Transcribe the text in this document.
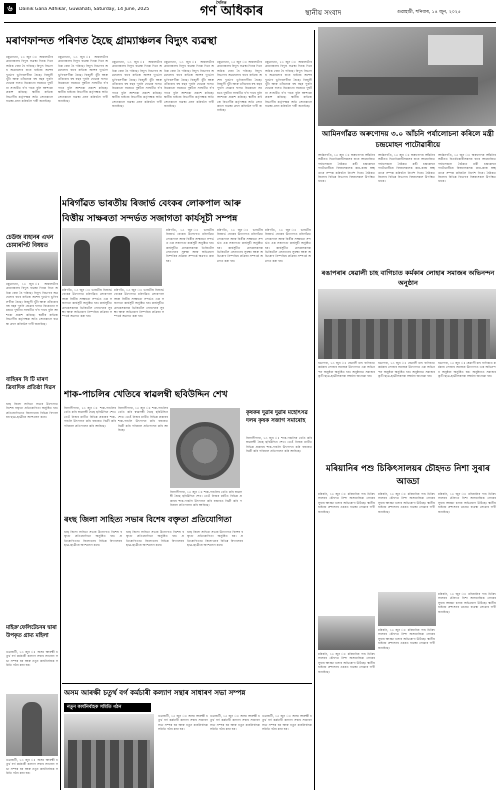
৬	Dainik Gana Adhikar, Guwahati, Saturday, 14 June, 2025
দৈনিক
গণ অধিকাৰ	স্থানীয় সংবাদ	গুৱাহাটী, শনিবাৰ, ১৪ জুন, ২০২৫
মৰাণফান্দত পৰিণত হৈছে গ্ৰাম্যাঞ্চলৰ বিদ্যুৎ ব্যৱস্থা
ঢকুৱাখনা, ১৩ জুন ঃ অঞ্চলটোৰ গ্ৰাম্যাঞ্চলৰ বিদ্যুৎ ব্যৱস্থা দিনক দিনে অধিক বেয়া হৈ পৰিছে। বিদ্যুৎ বিভাগৰ অৱহেলাৰ বাবে ৰাইজে অশেষ দুৰ্ভোগ ভুগিবলগীয়া হৈছে। বিজুলী খুঁটা আৰু তাঁৰবোৰ বহু বছৰ পুৰণি হোৱাৰ ফলত যিকোনো সময়তে দুৰ্ঘটনা সংঘটিত হ'ব পাৰে বুলি আশংকা প্ৰকাশ কৰিছে। স্থানীয় ৰাইজে বিভাগীয় কৰ্তৃপক্ষক অতি সোনকালে ব্যৱস্থা গ্ৰহণ কৰিবলৈ দাবী জনাইছে।
ঢকুৱাখনা, ১৩ জুন ঃ অঞ্চলটোৰ গ্ৰাম্যাঞ্চলৰ বিদ্যুৎ ব্যৱস্থা দিনক দিনে অধিক বেয়া হৈ পৰিছে। বিদ্যুৎ বিভাগৰ অৱহেলাৰ বাবে ৰাইজে অশেষ দুৰ্ভোগ ভুগিবলগীয়া হৈছে। বিজুলী খুঁটা আৰু তাঁৰবোৰ বহু বছৰ পুৰণি হোৱাৰ ফলত যিকোনো সময়তে দুৰ্ঘটনা সংঘটিত হ'ব পাৰে বুলি আশংকা প্ৰকাশ কৰিছে। স্থানীয় ৰাইজে বিভাগীয় কৰ্তৃপক্ষক অতি সোনকালে ব্যৱস্থা গ্ৰহণ কৰিবলৈ দাবী জনাইছে।
ঢকুৱাখনা, ১৩ জুন ঃ অঞ্চলটোৰ গ্ৰাম্যাঞ্চলৰ বিদ্যুৎ ব্যৱস্থা দিনক দিনে অধিক বেয়া হৈ পৰিছে। বিদ্যুৎ বিভাগৰ অৱহেলাৰ বাবে ৰাইজে অশেষ দুৰ্ভোগ ভুগিবলগীয়া হৈছে। বিজুলী খুঁটা আৰু তাঁৰবোৰ বহু বছৰ পুৰণি হোৱাৰ ফলত যিকোনো সময়তে দুৰ্ঘটনা সংঘটিত হ'ব পাৰে বুলি আশংকা প্ৰকাশ কৰিছে। স্থানীয় ৰাইজে বিভাগীয় কৰ্তৃপক্ষক অতি সোনকালে ব্যৱস্থা গ্ৰহণ কৰিবলৈ দাবী জনাইছে।
ঢকুৱাখনা, ১৩ জুন ঃ অঞ্চলটোৰ গ্ৰাম্যাঞ্চলৰ বিদ্যুৎ ব্যৱস্থা দিনক দিনে অধিক বেয়া হৈ পৰিছে। বিদ্যুৎ বিভাগৰ অৱহেলাৰ বাবে ৰাইজে অশেষ দুৰ্ভোগ ভুগিবলগীয়া হৈছে। বিজুলী খুঁটা আৰু তাঁৰবোৰ বহু বছৰ পুৰণি হোৱাৰ ফলত যিকোনো সময়তে দুৰ্ঘটনা সংঘটিত হ'ব পাৰে বুলি আশংকা প্ৰকাশ কৰিছে। স্থানীয় ৰাইজে বিভাগীয় কৰ্তৃপক্ষক অতি সোনকালে ব্যৱস্থা গ্ৰহণ কৰিবলৈ দাবী জনাইছে।
ঢকুৱাখনা, ১৩ জুন ঃ অঞ্চলটোৰ গ্ৰাম্যাঞ্চলৰ বিদ্যুৎ ব্যৱস্থা দিনক দিনে অধিক বেয়া হৈ পৰিছে। বিদ্যুৎ বিভাগৰ অৱহেলাৰ বাবে ৰাইজে অশেষ দুৰ্ভোগ ভুগিবলগীয়া হৈছে। বিজুলী খুঁটা আৰু তাঁৰবোৰ বহু বছৰ পুৰণি হোৱাৰ ফলত যিকোনো সময়তে দুৰ্ঘটনা সংঘটিত হ'ব পাৰে বুলি আশংকা প্ৰকাশ কৰিছে। স্থানীয় ৰাইজে বিভাগীয় কৰ্তৃপক্ষক অতি সোনকালে ব্যৱস্থা গ্ৰহণ কৰিবলৈ দাবী জনাইছে।
ঢকুৱাখনা, ১৩ জুন ঃ অঞ্চলটোৰ গ্ৰাম্যাঞ্চলৰ বিদ্যুৎ ব্যৱস্থা দিনক দিনে অধিক বেয়া হৈ পৰিছে। বিদ্যুৎ বিভাগৰ অৱহেলাৰ বাবে ৰাইজে অশেষ দুৰ্ভোগ ভুগিবলগীয়া হৈছে। বিজুলী খুঁটা আৰু তাঁৰবোৰ বহু বছৰ পুৰণি হোৱাৰ ফলত যিকোনো সময়তে দুৰ্ঘটনা সংঘটিত হ'ব পাৰে বুলি আশংকা প্ৰকাশ কৰিছে। স্থানীয় ৰাইজে বিভাগীয় কৰ্তৃপক্ষক অতি সোনকালে ব্যৱস্থা গ্ৰহণ কৰিবলৈ দাবী জনাইছে।
আমিনগাঁৱত অৰুণোদয় ৩.০ আঁচনি পৰ্যালোচনা কৰিলে মন্ত্ৰী চন্দ্ৰমোহন পাটোৱাৰীয়ে
আমিনগাঁও, ১৩ জুন ঃ অৰুণোদয় আঁচনিৰ অধীনত হিতাধিকাৰীসকলৰ বাবে আয়োজিত পৰ্যালোচনা বৈঠকত মন্ত্ৰী চন্দ্ৰমোহন পাটোৱাৰীয়ে বিষয়াসকলক কাম-কাজ স্বচ্ছতাৰে সম্পন্ন কৰিবলৈ নিৰ্দেশ দিয়ে। বৈঠকত জিলাৰ বিভিন্ন বিভাগৰ বিষয়াসকল উপস্থিত থাকে।
আমিনগাঁও, ১৩ জুন ঃ অৰুণোদয় আঁচনিৰ অধীনত হিতাধিকাৰীসকলৰ বাবে আয়োজিত পৰ্যালোচনা বৈঠকত মন্ত্ৰী চন্দ্ৰমোহন পাটোৱাৰীয়ে বিষয়াসকলক কাম-কাজ স্বচ্ছতাৰে সম্পন্ন কৰিবলৈ নিৰ্দেশ দিয়ে। বৈঠকত জিলাৰ বিভিন্ন বিভাগৰ বিষয়াসকল উপস্থিত থাকে।
আমিনগাঁও, ১৩ জুন ঃ অৰুণোদয় আঁচনিৰ অধীনত হিতাধিকাৰীসকলৰ বাবে আয়োজিত পৰ্যালোচনা বৈঠকত মন্ত্ৰী চন্দ্ৰমোহন পাটোৱাৰীয়ে বিষয়াসকলক কাম-কাজ স্বচ্ছতাৰে সম্পন্ন কৰিবলৈ নিৰ্দেশ দিয়ে। বৈঠকত জিলাৰ বিভিন্ন বিভাগৰ বিষয়াসকল উপস্থিত থাকে।
মৰিগাঁৱত ভাৰতীয় ৰিজাৰ্ভ বেংকৰ লোকপাল আৰু
বিত্তীয় সাক্ষৰতা সন্দৰ্ভত সজাগতা কাৰ্যসূচী সম্পন্ন
মৰিগাঁও, ১৩ জুন ঃ ভাৰতীয় ৰিজাৰ্ভ বেংকৰ উদ্যোগত মৰিগাঁৱত লোকপাল আৰু বিত্তীয় সাক্ষৰতা সন্দৰ্ভত এক সজাগতা কাৰ্যসূচী অনুষ্ঠিত হয়। কাৰ্যসূচীত গ্ৰাহকসকলক ডিজিটেল লেনদেনৰ সুৰক্ষা আৰু অভিযোগ নিষ্পত্তিৰ প্ৰক্ৰিয়া সম্পৰ্কে অৱগত কৰা হয়।
মৰিগাঁও, ১৩ জুন ঃ ভাৰতীয় ৰিজাৰ্ভ বেংকৰ উদ্যোগত মৰিগাঁৱত লোকপাল আৰু বিত্তীয় সাক্ষৰতা সন্দৰ্ভত এক সজাগতা কাৰ্যসূচী অনুষ্ঠিত হয়। কাৰ্যসূচীত গ্ৰাহকসকলক ডিজিটেল লেনদেনৰ সুৰক্ষা আৰু অভিযোগ নিষ্পত্তিৰ প্ৰক্ৰিয়া সম্পৰ্কে অৱগত কৰা হয়।
মৰিগাঁও, ১৩ জুন ঃ ভাৰতীয় ৰিজাৰ্ভ বেংকৰ উদ্যোগত মৰিগাঁৱত লোকপাল আৰু বিত্তীয় সাক্ষৰতা সন্দৰ্ভত এক সজাগতা কাৰ্যসূচী অনুষ্ঠিত হয়। কাৰ্যসূচীত গ্ৰাহকসকলক ডিজিটেল লেনদেনৰ সুৰক্ষা আৰু অভিযোগ নিষ্পত্তিৰ প্ৰক্ৰিয়া সম্পৰ্কে অৱগত কৰা হয়।
মৰিগাঁও, ১৩ জুন ঃ ভাৰতীয় ৰিজাৰ্ভ বেংকৰ উদ্যোগত মৰিগাঁৱত লোকপাল আৰু বিত্তীয় সাক্ষৰতা সন্দৰ্ভত এক সজাগতা কাৰ্যসূচী অনুষ্ঠিত হয়। কাৰ্যসূচীত গ্ৰাহকসকলক ডিজিটেল লেনদেনৰ সুৰক্ষা আৰু অভিযোগ নিষ্পত্তিৰ প্ৰক্ৰিয়া সম্পৰ্কে অৱগত কৰা হয়।
মৰিগাঁও, ১৩ জুন ঃ ভাৰতীয় ৰিজাৰ্ভ বেংকৰ উদ্যোগত মৰিগাঁৱত লোকপাল আৰু বিত্তীয় সাক্ষৰতা সন্দৰ্ভত এক সজাগতা কাৰ্যসূচী অনুষ্ঠিত হয়। কাৰ্যসূচীত গ্ৰাহকসকলক ডিজিটেল লেনদেনৰ সুৰক্ষা আৰু অভিযোগ নিষ্পত্তিৰ প্ৰক্ৰিয়া সম্পৰ্কে অৱগত কৰা হয়।
চেউজ বাহানৰ এখন চোমাৰপিট বিষয়ত
ঢকুৱাখনা, ১৩ জুন ঃ অঞ্চলটোৰ গ্ৰাম্যাঞ্চলৰ বিদ্যুৎ ব্যৱস্থা দিনক দিনে অধিক বেয়া হৈ পৰিছে। বিদ্যুৎ বিভাগৰ অৱহেলাৰ বাবে ৰাইজে অশেষ দুৰ্ভোগ ভুগিবলগীয়া হৈছে। বিজুলী খুঁটা আৰু তাঁৰবোৰ বহু বছৰ পুৰণি হোৱাৰ ফলত যিকোনো সময়তে দুৰ্ঘটনা সংঘটিত হ'ব পাৰে বুলি আশংকা প্ৰকাশ কৰিছে। স্থানীয় ৰাইজে বিভাগীয় কৰ্তৃপক্ষক অতি সোনকালে ব্যৱস্থা গ্ৰহণ কৰিবলৈ দাবী জনাইছে।
বাহিৰৰ বি টি মাৰণ ত্ৰিবাদিক প্ৰতিষ্ঠা দিৱস
ৰংছ জিলা সাহিত্য সভাৰ উদ্যোগত বিশেষ বক্তৃতা প্ৰতিযোগিতা অনুষ্ঠিত হয়। প্ৰতিযোগিতাত জিলাখনৰ বিভিন্ন বিদ্যালয়ৰ ছাত্ৰ-ছাত্ৰীয়ে অংশগ্ৰহণ কৰে।
মাইক্ৰ'ফেলিটেচনৰ দ্বাৰা উপকৃত গ্ৰাম্য মহিলা
গুৱাহাটী, ১৩ জুন ঃ অসম আৰক্ষী চতুৰ্থ বৰ্গ কৰ্মচাৰী কল্যাণ সন্থাৰ সাধাৰণ সভা সম্পন্ন হয় আৰু নতুন কাৰ্যনিৰ্বাহক সমিতি গঠন কৰা হয়।
গুৱাহাটী, ১৩ জুন ঃ অসম আৰক্ষী চতুৰ্থ বৰ্গ কৰ্মচাৰী কল্যাণ সন্থাৰ সাধাৰণ সভা সম্পন্ন হয় আৰু নতুন কাৰ্যনিৰ্বাহক সমিতি গঠন কৰা হয়।
ৰঙাপৰাৰ ষেৱালী চাহ বাগিচাত কৰ্মকাৰ লোহাৰ সমাজৰ অভিনন্দন অনুষ্ঠান
ৰঙাপৰা, ১৩ জুন ঃ ষেৱালী চাহ বাগিচাত কৰ্মকাৰ লোহাৰ সমাজৰ উদ্যোগত এক অভিনন্দন অনুষ্ঠান অনুষ্ঠিত হয়। অনুষ্ঠানত সমাজৰ কৃতী ছাত্ৰ-ছাত্ৰীসকলক সম্বৰ্ধনা জনোৱা হয়।
ৰঙাপৰা, ১৩ জুন ঃ ষেৱালী চাহ বাগিচাত কৰ্মকাৰ লোহাৰ সমাজৰ উদ্যোগত এক অভিনন্দন অনুষ্ঠান অনুষ্ঠিত হয়। অনুষ্ঠানত সমাজৰ কৃতী ছাত্ৰ-ছাত্ৰীসকলক সম্বৰ্ধনা জনোৱা হয়।
ৰঙাপৰা, ১৩ জুন ঃ ষেৱালী চাহ বাগিচাত কৰ্মকাৰ লোহাৰ সমাজৰ উদ্যোগত এক অভিনন্দন অনুষ্ঠান অনুষ্ঠিত হয়। অনুষ্ঠানত সমাজৰ কৃতী ছাত্ৰ-ছাত্ৰীসকলক সম্বৰ্ধনা জনোৱা হয়।
শাক-পাচলিৰ খেতিৰে স্বাৱলম্বী ছবিউদ্দিন শেখ
বিলাসীপাৰা, ১৩ জুন ঃ শাক-পাচলিৰ খেতি কৰি স্বাৱলম্বী হৈছে ছবিউদ্দিন শেখ। তেওঁ নিজৰ মাটিত বিভিন্ন প্ৰকাৰৰ শাক-পাচলি উৎপাদন কৰি বজাৰত বিক্ৰী কৰি পৰিয়াল প্ৰতিপালন কৰি আহিছে।
বিলাসীপাৰা, ১৩ জুন ঃ শাক-পাচলিৰ খেতি কৰি স্বাৱলম্বী হৈছে ছবিউদ্দিন শেখ। তেওঁ নিজৰ মাটিত বিভিন্ন প্ৰকাৰৰ শাক-পাচলি উৎপাদন কৰি বজাৰত বিক্ৰী কৰি পৰিয়াল প্ৰতিপালন কৰি আহিছে।
কৃষকৰ দুৱাৰ দুৱাৰ মহোৎসৱ দলৰ কৃষক সজাগ সমাৰোহ
বিলাসীপাৰা, ১৩ জুন ঃ শাক-পাচলিৰ খেতি কৰি স্বাৱলম্বী হৈছে ছবিউদ্দিন শেখ। তেওঁ নিজৰ মাটিত বিভিন্ন প্ৰকাৰৰ শাক-পাচলি উৎপাদন কৰি বজাৰত বিক্ৰী কৰি পৰিয়াল প্ৰতিপালন কৰি আহিছে।
বিলাসীপাৰা, ১৩ জুন ঃ শাক-পাচলিৰ খেতি কৰি স্বাৱলম্বী হৈছে ছবিউদ্দিন শেখ। তেওঁ নিজৰ মাটিত বিভিন্ন প্ৰকাৰৰ শাক-পাচলি উৎপাদন কৰি বজাৰত বিক্ৰী কৰি পৰিয়াল প্ৰতিপালন কৰি আহিছে।
মৰিয়ানিৰ পশু চিকিৎসালয়ৰ চৌহদত নিশা সুৰাৰ আড্ডা
মৰিয়নি, ১৩ জুন ঃ মৰিয়ানিৰ পশু চিকিৎসালয়ৰ চৌহদত নিশা অসামাজিক লোকৰ সুৰাৰ আড্ডা চলাৰ অভিযোগ উঠিছে। স্থানীয় ৰাইজে প্ৰশাসনৰ ওচৰত ব্যৱস্থা লোৱাৰ দাবী জনাইছে।
মৰিয়নি, ১৩ জুন ঃ মৰিয়ানিৰ পশু চিকিৎসালয়ৰ চৌহদত নিশা অসামাজিক লোকৰ সুৰাৰ আড্ডা চলাৰ অভিযোগ উঠিছে। স্থানীয় ৰাইজে প্ৰশাসনৰ ওচৰত ব্যৱস্থা লোৱাৰ দাবী জনাইছে।
মৰিয়নি, ১৩ জুন ঃ মৰিয়ানিৰ পশু চিকিৎসালয়ৰ চৌহদত নিশা অসামাজিক লোকৰ সুৰাৰ আড্ডা চলাৰ অভিযোগ উঠিছে। স্থানীয় ৰাইজে প্ৰশাসনৰ ওচৰত ব্যৱস্থা লোৱাৰ দাবী জনাইছে।
মৰিয়নি, ১৩ জুন ঃ মৰিয়ানিৰ পশু চিকিৎসালয়ৰ চৌহদত নিশা অসামাজিক লোকৰ সুৰাৰ আড্ডা চলাৰ অভিযোগ উঠিছে। স্থানীয় ৰাইজে প্ৰশাসনৰ ওচৰত ব্যৱস্থা লোৱাৰ দাবী জনাইছে।
মৰিয়নি, ১৩ জুন ঃ মৰিয়ানিৰ পশু চিকিৎসালয়ৰ চৌহদত নিশা অসামাজিক লোকৰ সুৰাৰ আড্ডা চলাৰ অভিযোগ উঠিছে। স্থানীয় ৰাইজে প্ৰশাসনৰ ওচৰত ব্যৱস্থা লোৱাৰ দাবী জনাইছে।
মৰিয়নি, ১৩ জুন ঃ মৰিয়ানিৰ পশু চিকিৎসালয়ৰ চৌহদত নিশা অসামাজিক লোকৰ সুৰাৰ আড্ডা চলাৰ অভিযোগ উঠিছে। স্থানীয় ৰাইজে প্ৰশাসনৰ ওচৰত ব্যৱস্থা লোৱাৰ দাবী জনাইছে।
ৰংছ জিলা সাহিত্য সভাৰ বিশেষ বক্তৃতা প্ৰতিযোগিতা
ৰংছ জিলা সাহিত্য সভাৰ উদ্যোগত বিশেষ বক্তৃতা প্ৰতিযোগিতা অনুষ্ঠিত হয়। প্ৰতিযোগিতাত জিলাখনৰ বিভিন্ন বিদ্যালয়ৰ ছাত্ৰ-ছাত্ৰীয়ে অংশগ্ৰহণ কৰে।
ৰংছ জিলা সাহিত্য সভাৰ উদ্যোগত বিশেষ বক্তৃতা প্ৰতিযোগিতা অনুষ্ঠিত হয়। প্ৰতিযোগিতাত জিলাখনৰ বিভিন্ন বিদ্যালয়ৰ ছাত্ৰ-ছাত্ৰীয়ে অংশগ্ৰহণ কৰে।
ৰংছ জিলা সাহিত্য সভাৰ উদ্যোগত বিশেষ বক্তৃতা প্ৰতিযোগিতা অনুষ্ঠিত হয়। প্ৰতিযোগিতাত জিলাখনৰ বিভিন্ন বিদ্যালয়ৰ ছাত্ৰ-ছাত্ৰীয়ে অংশগ্ৰহণ কৰে।
অসম আৰক্ষী চতুৰ্থ বৰ্গ কৰ্মচাৰী কল্যাণ সন্থাৰ সাধাৰণ সভা সম্পন্ন
নতুন কাৰ্যনিৰ্বাহক সমিতি গঠন
গুৱাহাটী, ১৩ জুন ঃ অসম আৰক্ষী চতুৰ্থ বৰ্গ কৰ্মচাৰী কল্যাণ সন্থাৰ সাধাৰণ সভা সম্পন্ন হয় আৰু নতুন কাৰ্যনিৰ্বাহক সমিতি গঠন কৰা হয়।
গুৱাহাটী, ১৩ জুন ঃ অসম আৰক্ষী চতুৰ্থ বৰ্গ কৰ্মচাৰী কল্যাণ সন্থাৰ সাধাৰণ সভা সম্পন্ন হয় আৰু নতুন কাৰ্যনিৰ্বাহক সমিতি গঠন কৰা হয়।
গুৱাহাটী, ১৩ জুন ঃ অসম আৰক্ষী চতুৰ্থ বৰ্গ কৰ্মচাৰী কল্যাণ সন্থাৰ সাধাৰণ সভা সম্পন্ন হয় আৰু নতুন কাৰ্যনিৰ্বাহক সমিতি গঠন কৰা হয়।
